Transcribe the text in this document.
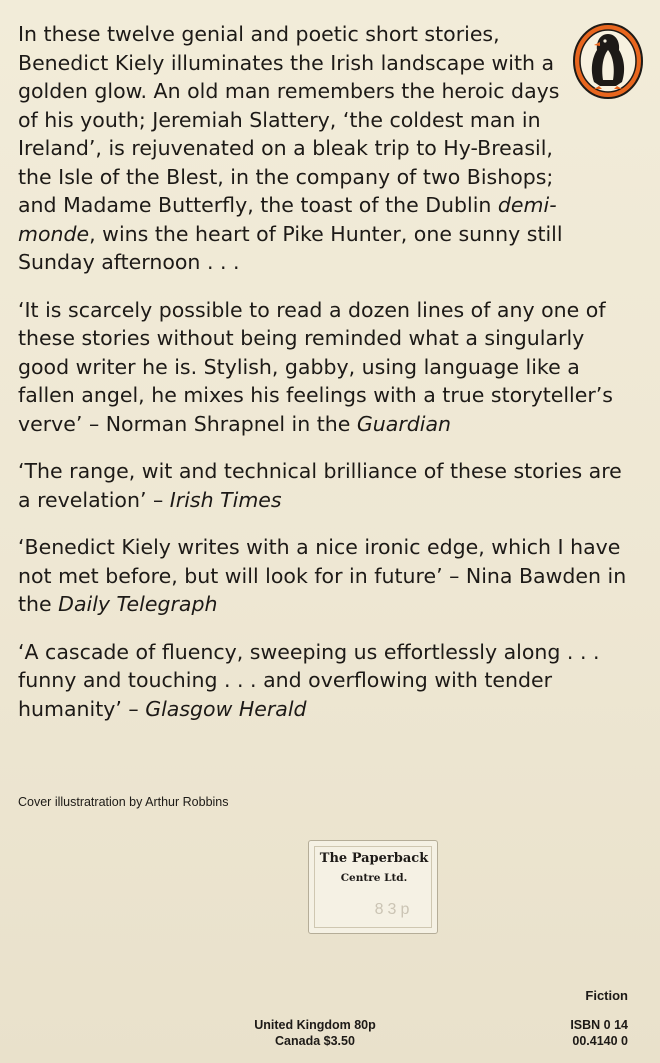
In these twelve genial and poetic short stories, Benedict Kiely illuminates the Irish landscape with a golden glow. An old man remembers the heroic days of his youth; Jeremiah Slattery, ‘the coldest man in Ireland’, is rejuvenated on a bleak trip to Hy-Breasil, the Isle of the Blest, in the company of two Bishops; and Madame Butterfly, the toast of the Dublin demi-monde, wins the heart of Pike Hunter, one sunny still Sunday afternoon . . .

‘It is scarcely possible to read a dozen lines of any one of these stories without being reminded what a singularly good writer he is. Stylish, gabby, using language like a fallen angel, he mixes his feelings with a true storyteller’s verve’ – Norman Shrapnel in the Guardian

‘The range, wit and technical brilliance of these stories are a revelation’ – Irish Times

‘Benedict Kiely writes with a nice ironic edge, which I have not met before, but will look for in future’ – Nina Bawden in the Daily Telegraph

‘A cascade of fluency, sweeping us effortlessly along . . . funny and touching . . . and overflowing with tender humanity’ – Glasgow Herald

Cover illustratration by Arthur Robbins
The Paperback
Centre Ltd.
83p
Fiction
United Kingdom 80p
Canada $3.50
ISBN 0 14
00.4140 0
